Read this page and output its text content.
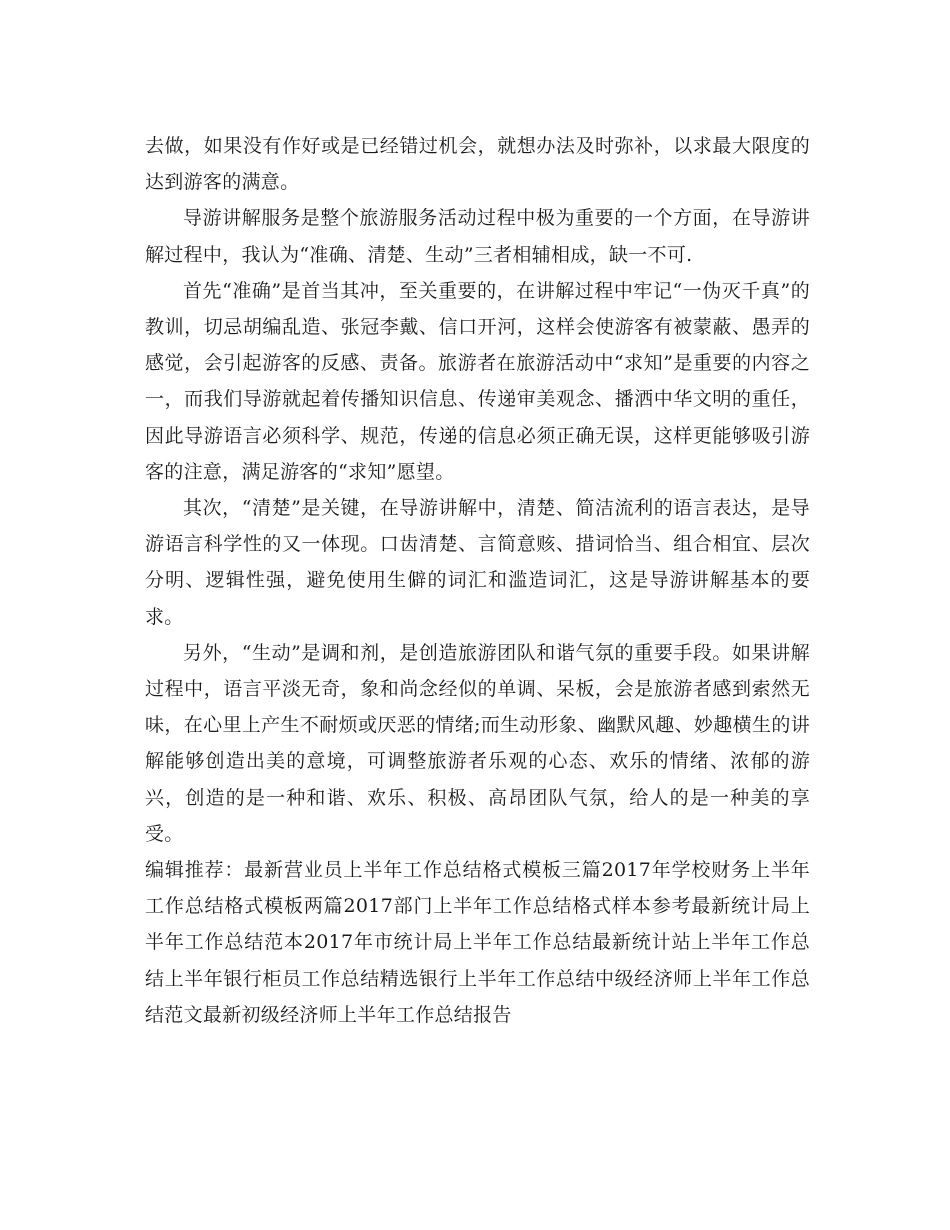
去做，如果没有作好或是已经错过机会，就想办法及时弥补，以求最大限度的达到游客的满意。

导游讲解服务是整个旅游服务活动过程中极为重要的一个方面，在导游讲解过程中，我认为“准确、清楚、生动”三者相辅相成，缺一不可.

首先“准确”是首当其冲，至关重要的，在讲解过程中牢记“一伪灭千真”的教训，切忌胡编乱造、张冠李戴、信口开河，这样会使游客有被蒙蔽、愚弄的感觉，会引起游客的反感、责备。旅游者在旅游活动中“求知”是重要的内容之一，而我们导游就起着传播知识信息、传递审美观念、播洒中华文明的重任，因此导游语言必须科学、规范，传递的信息必须正确无误，这样更能够吸引游客的注意，满足游客的“求知”愿望。

其次，“清楚”是关键，在导游讲解中，清楚、简洁流利的语言表达，是导游语言科学性的又一体现。口齿清楚、言简意赅、措词恰当、组合相宜、层次分明、逻辑性强，避免使用生僻的词汇和滥造词汇，这是导游讲解基本的要求。

另外，“生动”是调和剂，是创造旅游团队和谐气氛的重要手段。如果讲解过程中，语言平淡无奇，象和尚念经似的单调、呆板，会是旅游者感到索然无味，在心里上产生不耐烦或厌恶的情绪;而生动形象、幽默风趣、妙趣横生的讲解能够创造出美的意境，可调整旅游者乐观的心态、欢乐的情绪、浓郁的游兴，创造的是一种和谐、欢乐、积极、高昂团队气氛，给人的是一种美的享受。

编辑推荐：最新营业员上半年工作总结格式模板三篇2017年学校财务上半年工作总结格式模板两篇2017部门上半年工作总结格式样本参考最新统计局上半年工作总结范本2017年市统计局上半年工作总结最新统计站上半年工作总结上半年银行柜员工作总结精选银行上半年工作总结中级经济师上半年工作总结范文最新初级经济师上半年工作总结报告
